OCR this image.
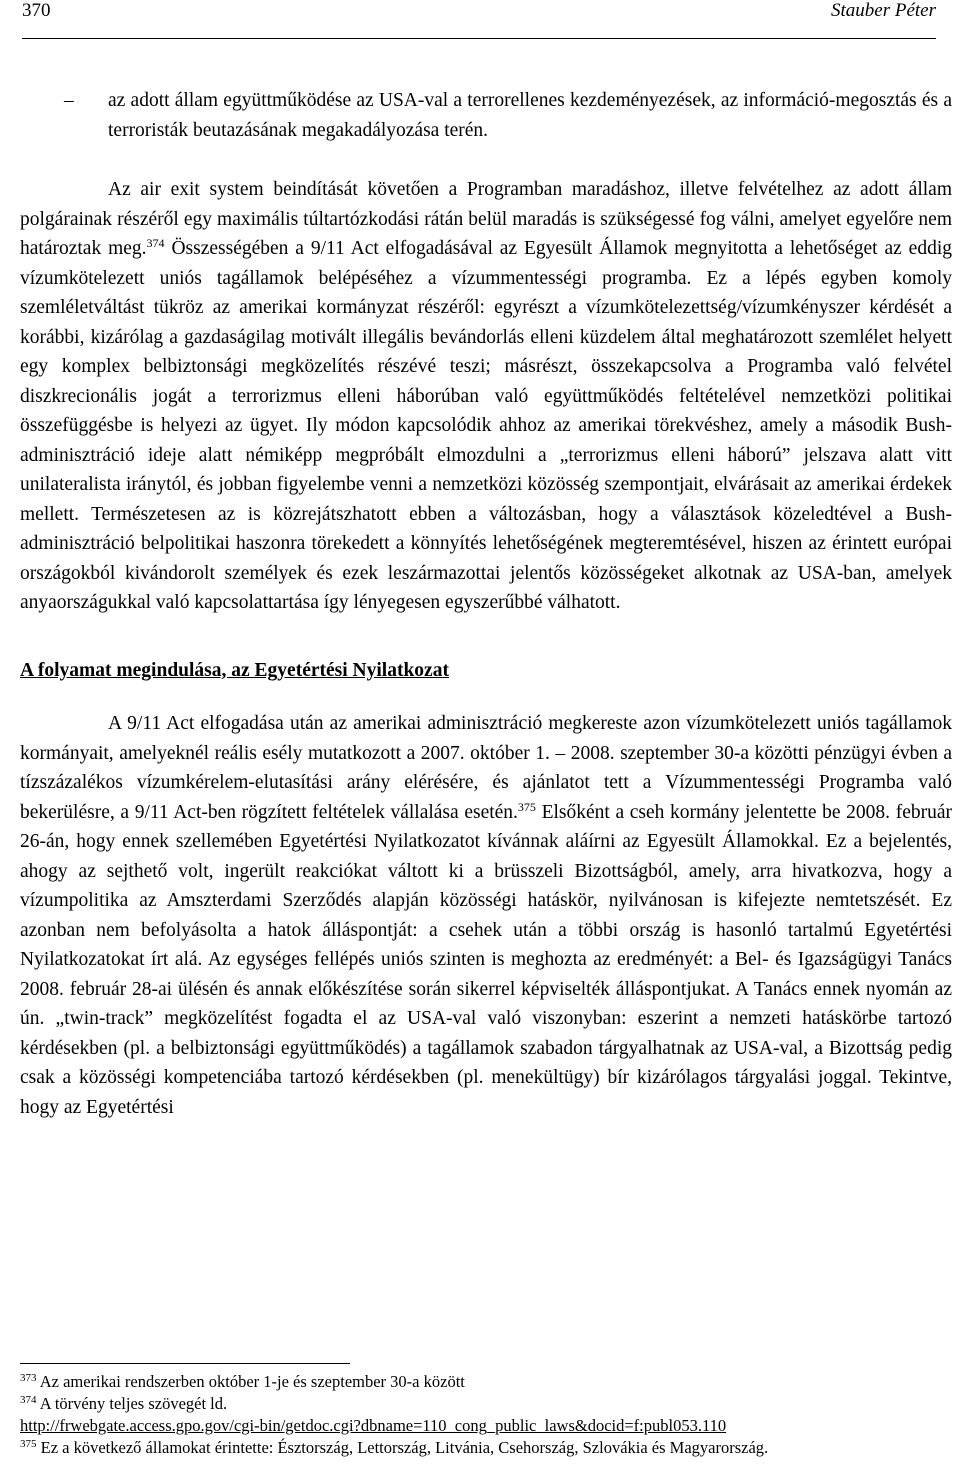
370	Stauber Péter
– az adott állam együttműködése az USA-val a terrorellenes kezdeményezések, az információ-megosztás és a terroristák beutazásának megakadályozása terén.

Az air exit system beindítását követően a Programban maradáshoz, illetve felvételhez az adott állam polgárainak részéről egy maximális túltartózkodási rátán belül maradás is szükségessé fog válni, amelyet egyelőre nem határoztak meg.$^{374}$ Összességében a 9/11 Act elfogadásával az Egyesült Államok megnyitotta a lehetőséget az eddig vízumkötelezett uniós tagállamok belépéséhez a vízummentességi programba. Ez a lépés egyben komoly szemléletváltást tükröz az amerikai kormányzat részéről: egyrészt a vízumkötelezettség/vízumkényszer kérdését a korábbi, kizárólag a gazdaságilag motivált illegális bevándorlás elleni küzdelem által meghatározott szemlélet helyett egy komplex belbiztonsági megközelítés részévé teszi; másrészt, összekapcsolva a Programba való felvétel diszkrecionális jogát a terrorizmus elleni háborúban való együttműködés feltételével nemzetközi politikai összefüggésbe is helyezi az ügyet. Ily módon kapcsolódik ahhoz az amerikai törekvéshez, amely a második Bush-adminisztráció ideje alatt némiképp megpróbált elmozdulni a „terrorizmus elleni háború” jelszava alatt vitt unilateralista iránytól, és jobban figyelembe venni a nemzetközi közösség szempontjait, elvárásait az amerikai érdekek mellett. Természetesen az is közrejátszhatott ebben a változásban, hogy a választások közeledtével a Bush-adminisztráció belpolitikai haszonra törekedett a könnyítés lehetőségének megteremtésével, hiszen az érintett európai országokból kivándorolt személyek és ezek leszármazottai jelentős közösségeket alkotnak az USA-ban, amelyek anyaországukkal való kapcsolattartása így lényegesen egyszerűbbé válhatott.

A folyamat megindulása, az Egyetértési Nyilatkozat

A 9/11 Act elfogadása után az amerikai adminisztráció megkereste azon vízumkötelezett uniós tagállamok kormányait, amelyeknél reális esély mutatkozott a 2007. október 1. – 2008. szeptember 30-a közötti pénzügyi évben a tízszázalékos vízumkérelem-elutasítási arány elérésére, és ajánlatot tett a Vízummentességi Programba való bekerülésre, a 9/11 Act-ben rögzített feltételek vállalása esetén.$^{375}$ Elsőként a cseh kormány jelentette be 2008. február 26-án, hogy ennek szellemében Egyetértési Nyilatkozatot kívánnak aláírni az Egyesült Államokkal. Ez a bejelentés, ahogy az sejthető volt, ingerült reakciókat váltott ki a brüsszeli Bizottságból, amely, arra hivatkozva, hogy a vízumpolitika az Amszterdami Szerződés alapján közösségi hatáskör, nyilvánosan is kifejezte nemtetszését. Ez azonban nem befolyásolta a hatok álláspontját: a csehek után a többi ország is hasonló tartalmú Egyetértési Nyilatkozatokat írt alá. Az egységes fellépés uniós szinten is meghozta az eredményét: a Bel- és Igazságügyi Tanács 2008. február 28-ai ülésén és annak előkészítése során sikerrel képviselték álláspontjukat. A Tanács ennek nyomán az ún. „twin-track” megközelítést fogadta el az USA-val való viszonyban: eszerint a nemzeti hatáskörbe tartozó kérdésekben (pl. a belbiztonsági együttműködés) a tagállamok szabadon tárgyalhatnak az USA-val, a Bizottság pedig csak a közösségi kompetenciába tartozó kérdésekben (pl. menekültügy) bír kizárólagos tárgyalási joggal. Tekintve, hogy az Egyetértési

$^{373}$ Az amerikai rendszerben október 1-je és szeptember 30-a között
$^{374}$ A törvény teljes szövegét ld.
http://frwebgate.access.gpo.gov/cgi-bin/getdoc.cgi?dbname=110_cong_public_laws&docid=f:publ053.110
$^{375}$ Ez a következő államokat érintette: Észtország, Lettország, Litvánia, Csehország, Szlovákia és Magyarország.
